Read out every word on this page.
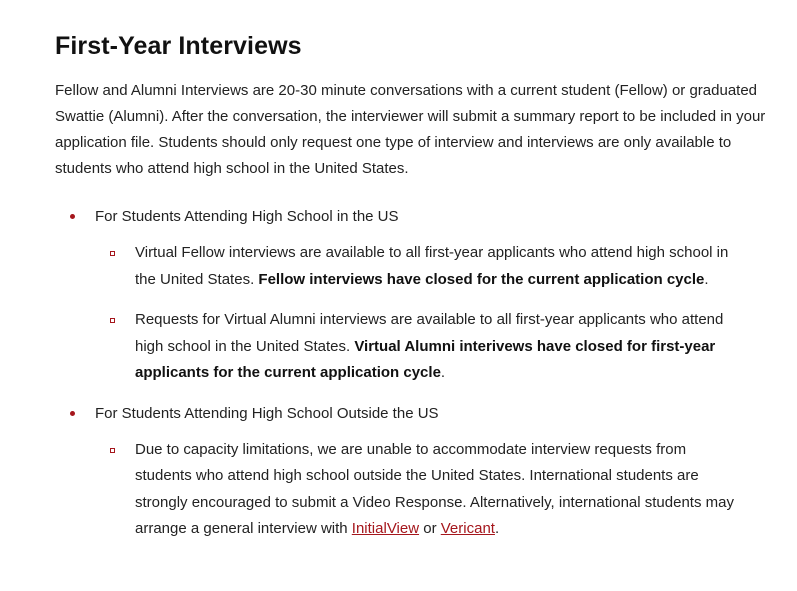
First-Year Interviews

Fellow and Alumni Interviews are 20-30 minute conversations with a current student (Fellow) or graduated Swattie (Alumni). After the conversation, the interviewer will submit a summary report to be included in your application file. Students should only request one type of interview and interviews are only available to students who attend high school in the United States.

For Students Attending High School in the US
Virtual Fellow interviews are available to all first-year applicants who attend high school in the United States. Fellow interviews have closed for the current application cycle.
Requests for Virtual Alumni interviews are available to all first-year applicants who attend high school in the United States. Virtual Alumni interivews have closed for first-year applicants for the current application cycle.
For Students Attending High School Outside the US
Due to capacity limitations, we are unable to accommodate interview requests from students who attend high school outside the United States. International students are strongly encouraged to submit a Video Response. Alternatively, international students may arrange a general interview with InitialView or Vericant.
